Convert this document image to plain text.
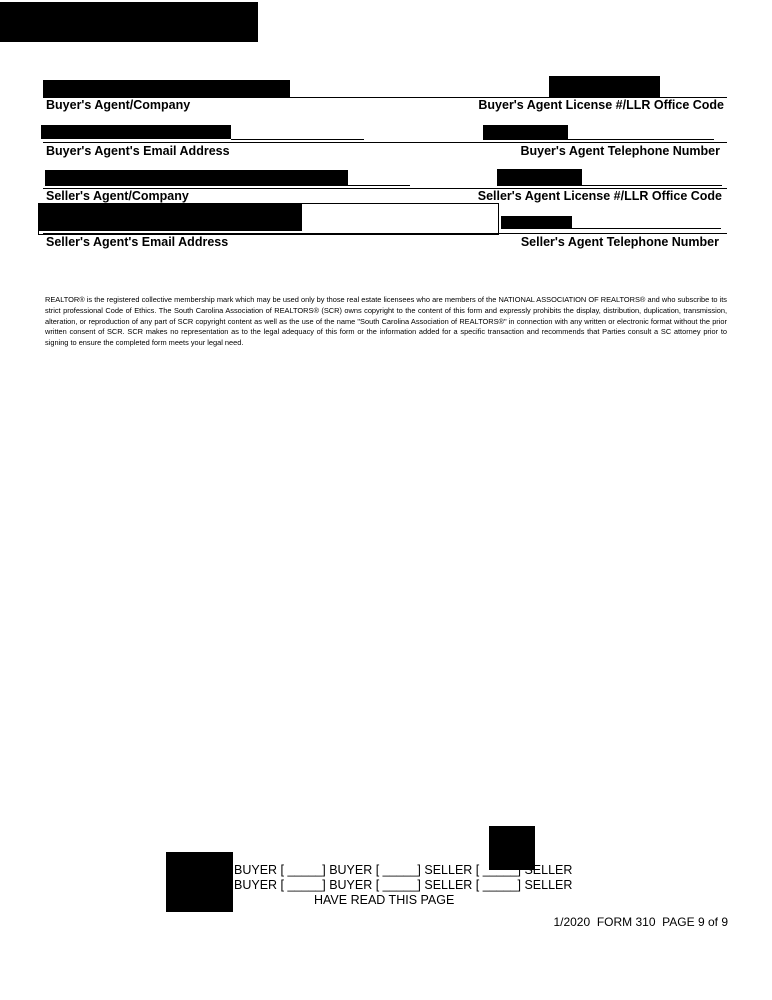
Buyer's Agent/Company	Buyer's Agent License #/LLR Office Code
Buyer's Agent's Email Address	Buyer's Agent Telephone Number
Seller's Agent/Company	Seller's Agent License #/LLR Office Code
Seller's Agent's Email Address	Seller's Agent Telephone Number
REALTOR® is the registered collective membership mark which may be used only by those real estate licensees who are members of the NATIONAL ASSOCIATION OF REALTORS® and who subscribe to its strict professional Code of Ethics. The South Carolina Association of REALTORS® (SCR) owns copyright to the content of this form and expressly prohibits the display, distribution, duplication, transmission, alteration, or reproduction of any part of SCR copyright content as well as the use of the name "South Carolina Association of REALTORS®" in connection with any written or electronic format without the prior written consent of SCR. SCR makes no representation as to the legal adequacy of this form or the information added for a specific transaction and recommends that Parties consult a SC attorney prior to signing to ensure the completed form meets your legal need.
BUYER [ _____] BUYER [ _____] SELLER [ _____] SELLER
BUYER [ _____] BUYER [ _____] SELLER [ _____] SELLER
HAVE READ THIS PAGE
1/2020  FORM 310  PAGE 9 of 9
